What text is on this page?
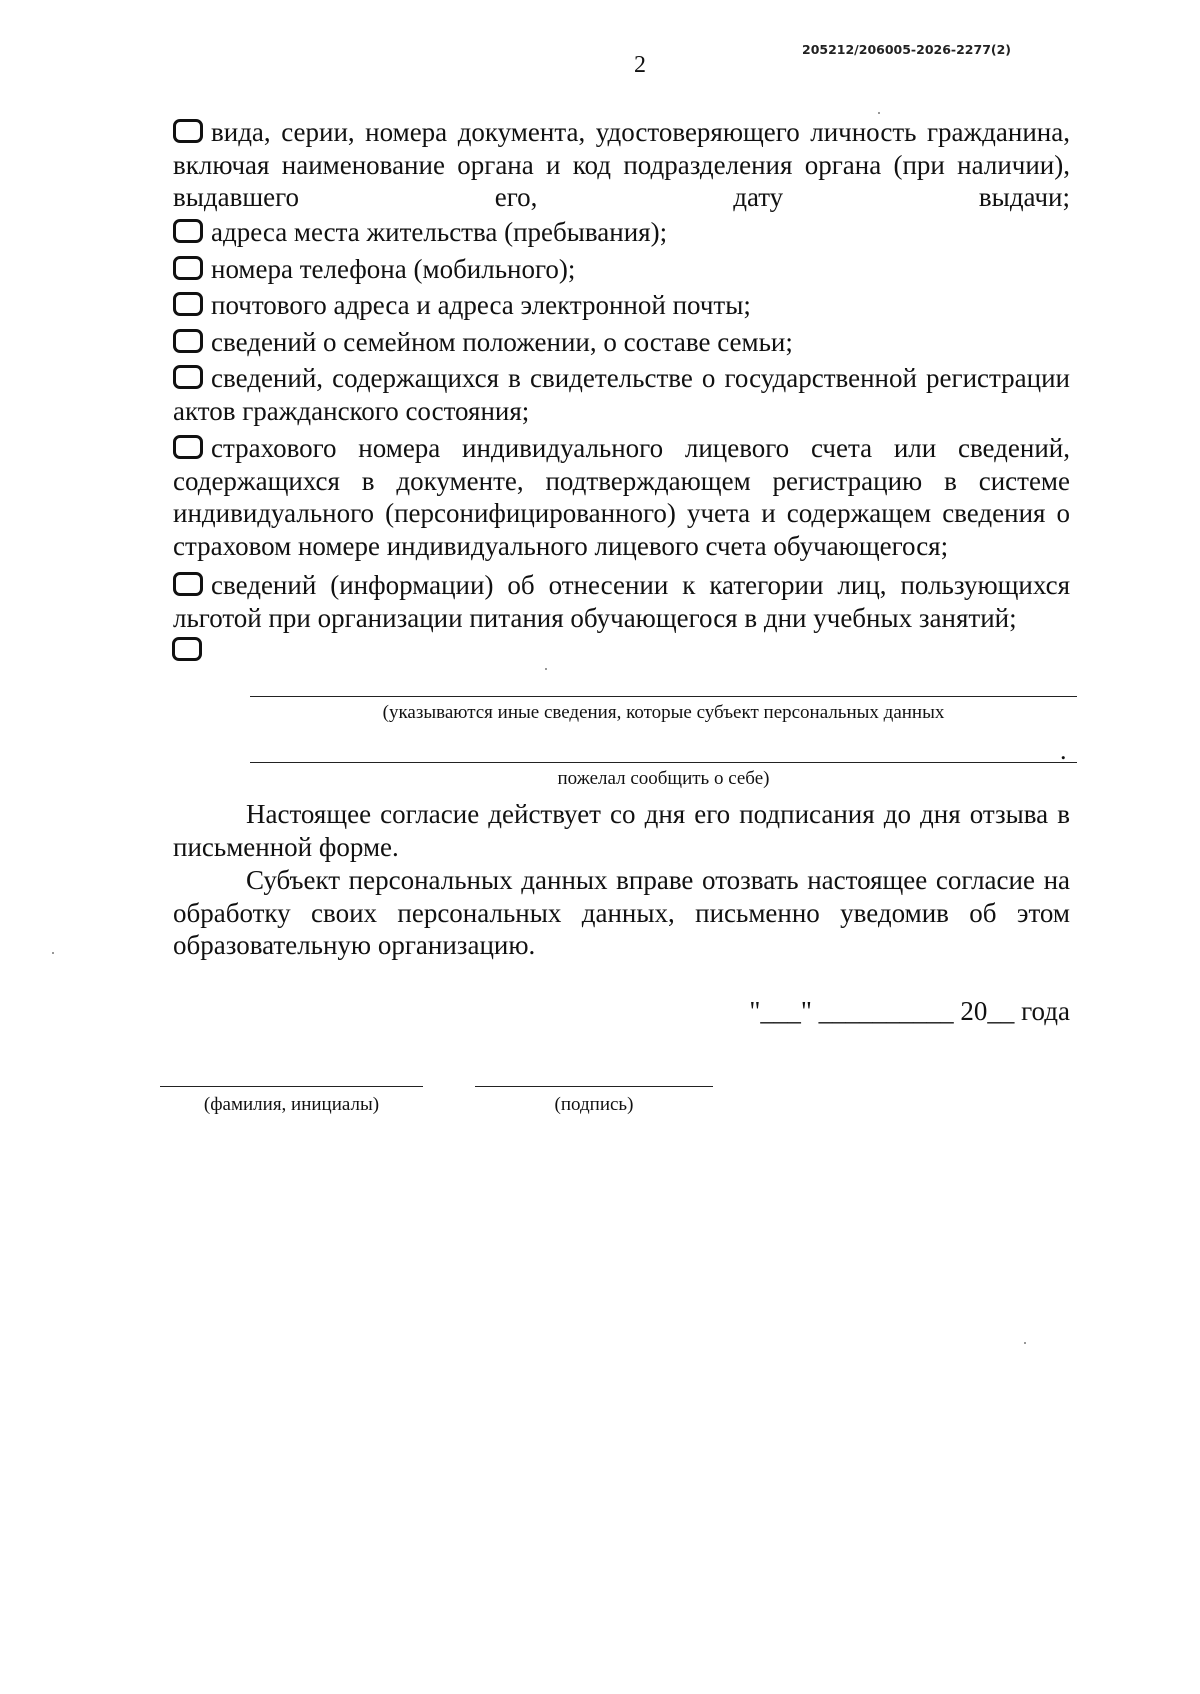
205212/206005-2026-2277(2)
2
вида, серии, номера документа, удостоверяющего личность гражданина, включая наименование органа и код подразделения органа (при наличии), выдавшего его, дату выдачи;
адреса места жительства (пребывания);
номера телефона (мобильного);
почтового адреса и адреса электронной почты;
сведений о семейном положении, о составе семьи;
сведений, содержащихся в свидетельстве о государственной регистрации актов гражданского состояния;
страхового номера индивидуального лицевого счета или сведений, содержащихся в документе, подтверждающем регистрацию в системе индивидуального (персонифицированного) учета и содержащем сведения о страховом номере индивидуального лицевого счета обучающегося;
сведений (информации) об отнесении к категории лиц, пользующихся льготой при организации питания обучающегося в дни учебных занятий;
(указываются иные сведения, которые субъект персональных данных
.
пожелал сообщить о себе)
Настоящее согласие действует со дня его подписания до дня отзыва в письменной форме.
Субъект персональных данных вправе отозвать настоящее согласие на обработку своих персональных данных, письменно уведомив об этом образовательную организацию.
"___" __________ 20__ года
(фамилия, инициалы)	(подпись)
